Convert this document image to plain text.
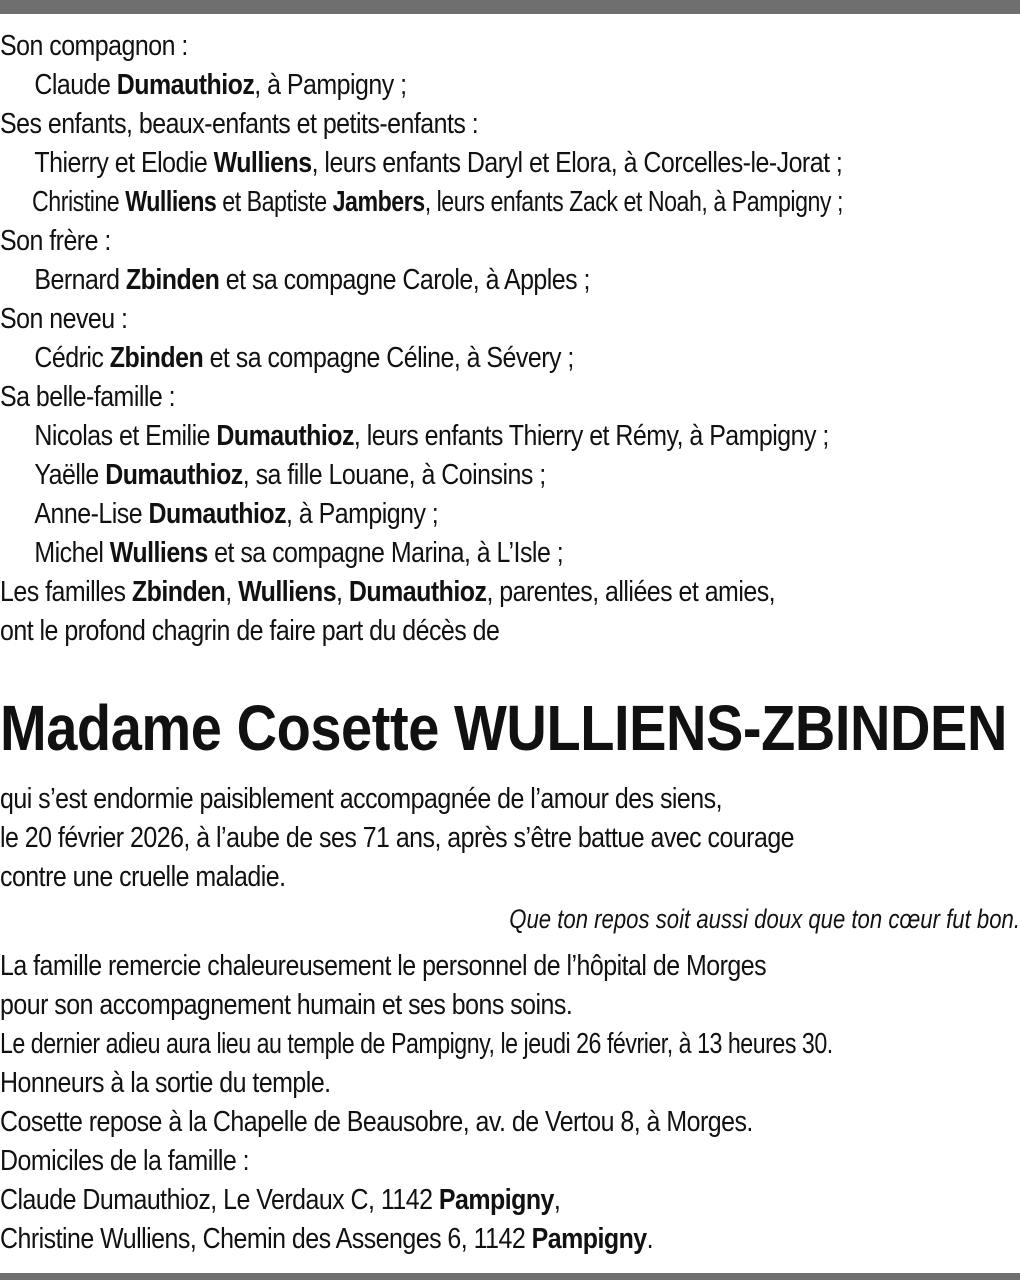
Son compagnon :
Claude Dumauthioz, à Pampigny ;
Ses enfants, beaux-enfants et petits-enfants :
Thierry et Elodie Wulliens, leurs enfants Daryl et Elora, à Corcelles-le-Jorat ;
Christine Wulliens et Baptiste Jambers, leurs enfants Zack et Noah, à Pampigny ;
Son frère :
Bernard Zbinden et sa compagne Carole, à Apples ;
Son neveu :
Cédric Zbinden et sa compagne Céline, à Sévery ;
Sa belle-famille :
Nicolas et Emilie Dumauthioz, leurs enfants Thierry et Rémy, à Pampigny ;
Yaëlle Dumauthioz, sa fille Louane, à Coinsins ;
Anne-Lise Dumauthioz, à Pampigny ;
Michel Wulliens et sa compagne Marina, à L’Isle ;
Les familles Zbinden, Wulliens, Dumauthioz, parentes, alliées et amies,
ont le profond chagrin de faire part du décès de
Madame Cosette WULLIENS-ZBINDEN
qui s’est endormie paisiblement accompagnée de l’amour des siens,
le 20 février 2026, à l’aube de ses 71 ans, après s’être battue avec courage
contre une cruelle maladie.
Que ton repos soit aussi doux que ton cœur fut bon.
La famille remercie chaleureusement le personnel de l’hôpital de Morges
pour son accompagnement humain et ses bons soins.
Le dernier adieu aura lieu au temple de Pampigny, le jeudi 26 février, à 13 heures 30.
Honneurs à la sortie du temple.
Cosette repose à la Chapelle de Beausobre, av. de Vertou 8, à Morges.
Domiciles de la famille :
Claude Dumauthioz, Le Verdaux C, 1142 Pampigny,
Christine Wulliens, Chemin des Assenges 6, 1142 Pampigny.
